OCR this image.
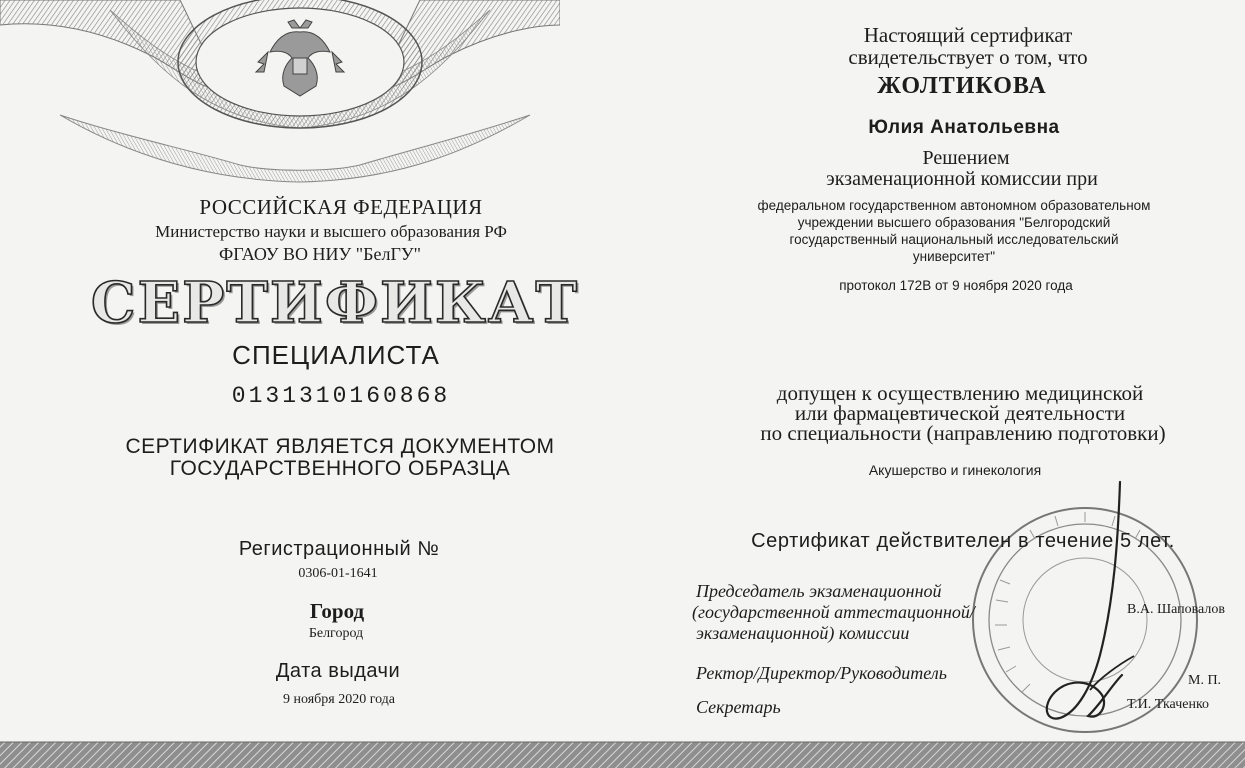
РОССИЙСКАЯ ФЕДЕРАЦИЯ
Министерство науки и высшего образования РФ
ФГАОУ ВО НИУ "БелГУ"
СЕРТИФИКАТ
СПЕЦИАЛИСТА
0131310160868
СЕРТИФИКАТ ЯВЛЯЕТСЯ ДОКУМЕНТОМ
ГОСУДАРСТВЕННОГО ОБРАЗЦА
Регистрационный №
0306-01-1641
Город
Белгород
Дата выдачи
9 ноября 2020 года
Настоящий сертификат
свидетельствует о том, что
ЖОЛТИКОВА
Юлия Анатольевна
Решением
экзаменационной комиссии при
федеральном государственном автономном образовательном
учреждении высшего образования "Белгородский
государственный национальный исследовательский
университет"
протокол 172В от 9 ноября 2020 года
допущен к осуществлению медицинской
или фармацевтической деятельности
по специальности (направлению подготовки)
Акушерство и гинекология
Сертификат действителен в течение 5 лет.
Председатель экзаменационной
(государственной аттестационной/
экзаменационной) комиссии
В.А. Шаповалов
Ректор/Директор/Руководитель	М. П.
Секретарь	Т.И. Ткаченко
